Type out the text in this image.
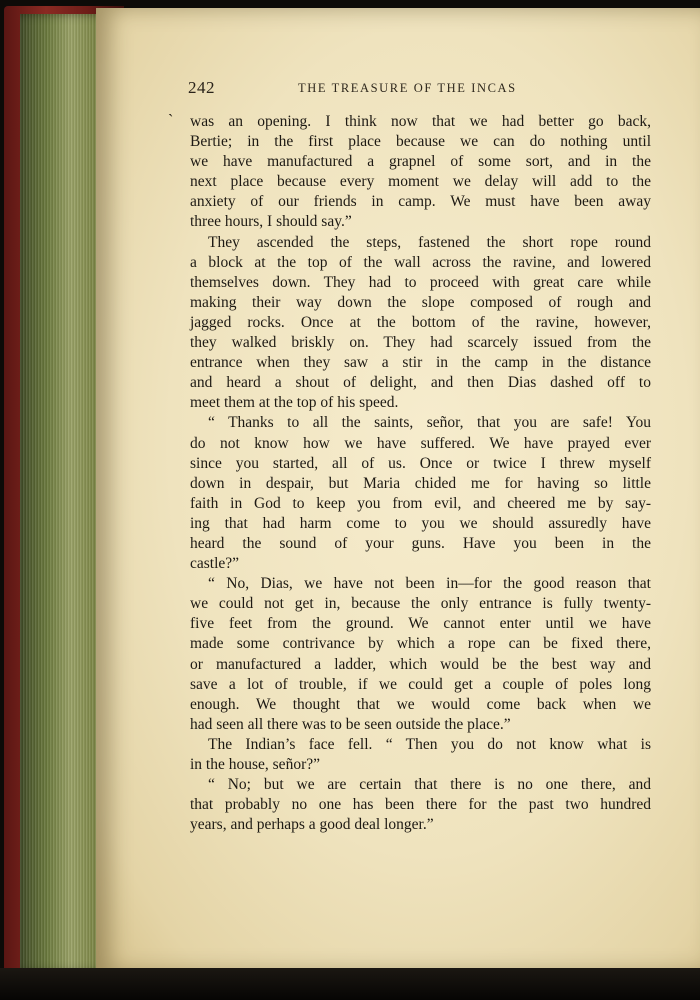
242	THE TREASURE OF THE INCAS
` was an opening. I think now that we had better go back,
Bertie; in the first place because we can do nothing until
we have manufactured a grapnel of some sort, and in the
next place because every moment we delay will add to the
anxiety of our friends in camp. We must have been away
three hours, I should say.”
They ascended the steps, fastened the short rope round
a block at the top of the wall across the ravine, and lowered
themselves down. They had to proceed with great care while
making their way down the slope composed of rough and
jagged rocks. Once at the bottom of the ravine, however,
they walked briskly on. They had scarcely issued from the
entrance when they saw a stir in the camp in the distance
and heard a shout of delight, and then Dias dashed off to
meet them at the top of his speed.
“ Thanks to all the saints, señor, that you are safe! You
do not know how we have suffered. We have prayed ever
since you started, all of us. Once or twice I threw myself
down in despair, but Maria chided me for having so little
faith in God to keep you from evil, and cheered me by say-
ing that had harm come to you we should assuredly have
heard the sound of your guns. Have you been in the
castle?”
“ No, Dias, we have not been in—for the good reason that
we could not get in, because the only entrance is fully twenty-
five feet from the ground. We cannot enter until we have
made some contrivance by which a rope can be fixed there,
or manufactured a ladder, which would be the best way and
save a lot of trouble, if we could get a couple of poles long
enough. We thought that we would come back when we
had seen all there was to be seen outside the place.”
The Indian’s face fell. “ Then you do not know what is
in the house, señor?”
“ No; but we are certain that there is no one there, and
that probably no one has been there for the past two hundred
years, and perhaps a good deal longer.”
